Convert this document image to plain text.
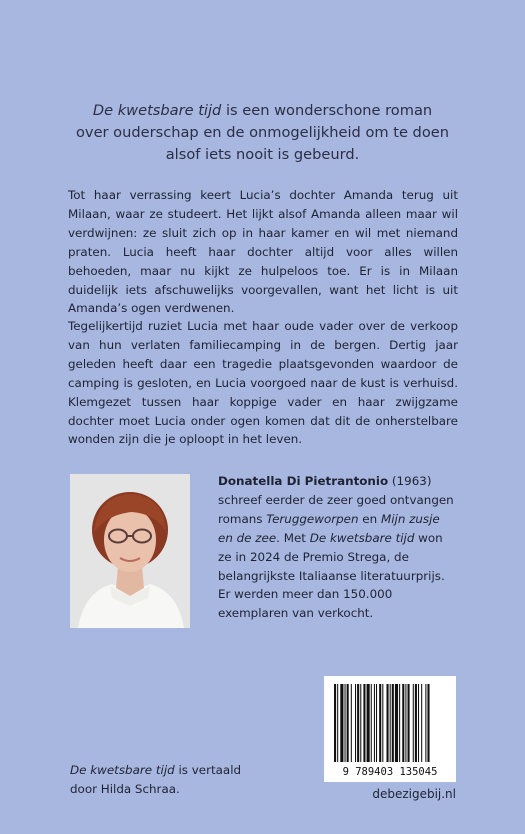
De kwetsbare tijd is een wonderschone roman
over ouderschap en de onmogelijkheid om te doen
alsof iets nooit is gebeurd.
Tot haar verrassing keert Lucia’s dochter Amanda terug uit Milaan, waar ze studeert. Het lijkt alsof Amanda alleen maar wil verdwijnen: ze sluit zich op in haar kamer en wil met niemand praten. Lucia heeft haar dochter altijd voor alles willen behoeden, maar nu kijkt ze hulpeloos toe. Er is in Milaan duidelijk iets afschuwelijks voorgevallen, want het licht is uit Amanda’s ogen verdwenen.
Tegelijkertijd ruziet Lucia met haar oude vader over de verkoop van hun verlaten familiecamping in de bergen. Dertig jaar geleden heeft daar een tragedie plaatsgevonden waardoor de camping is gesloten, en Lucia voorgoed naar de kust is verhuisd. Klemgezet tussen haar koppige vader en haar zwijgzame dochter moet Lucia onder ogen komen dat dit de onherstelbare wonden zijn die je oploopt in het leven.
Donatella Di Pietrantonio (1963) schreef eerder de zeer goed ontvangen romans Teruggeworpen en Mijn zusje en de zee. Met De kwetsbare tijd won ze in 2024 de Premio Strega, de belangrijkste Italiaanse literatuurprijs. Er werden meer dan 150.000 exemplaren van verkocht.
9 789403 135045
De kwetsbare tijd is vertaald
door Hilda Schraa.	debezigebij.nl
